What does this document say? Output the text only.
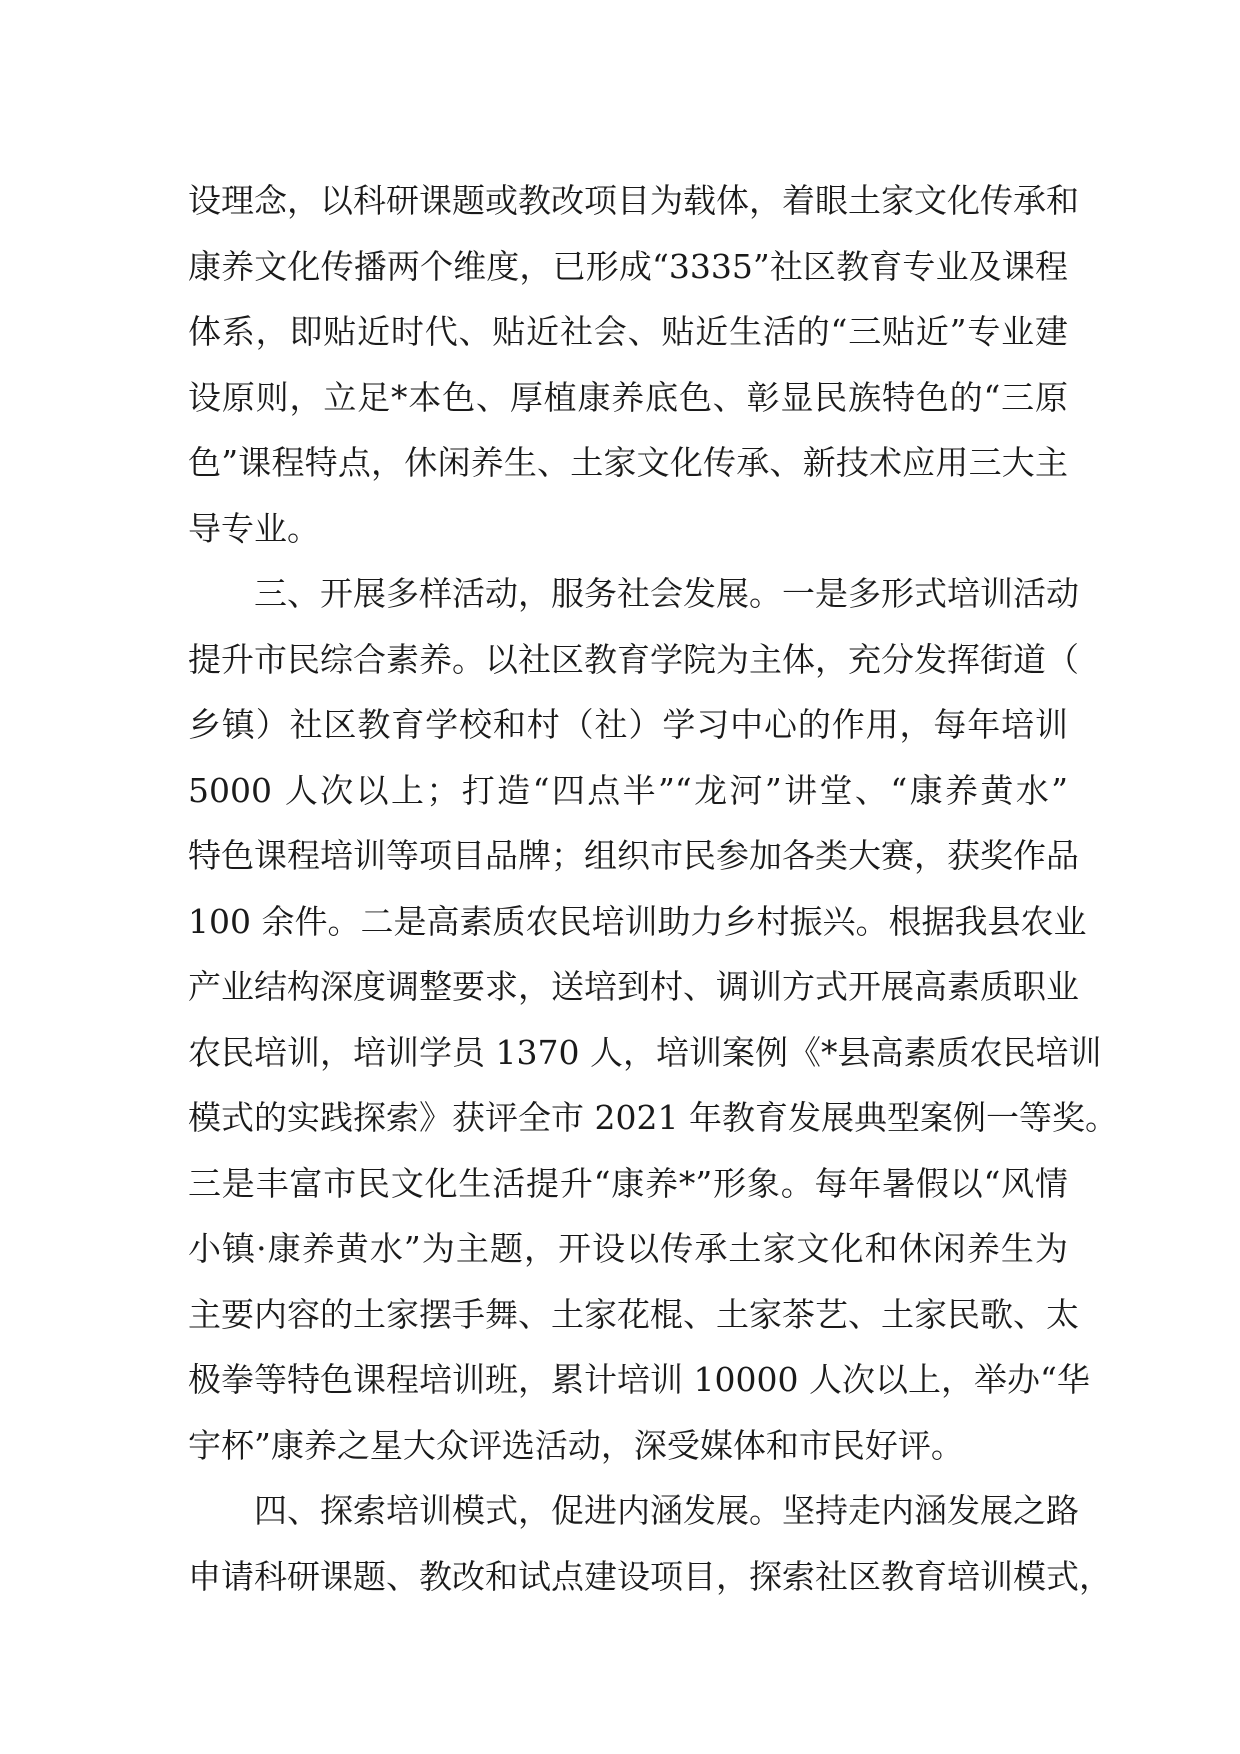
设理念，以科研课题或教改项目为载体，着眼土家文化传承和
康养文化传播两个维度，已形成“3335”社区教育专业及课程
体系，即贴近时代、贴近社会、贴近生活的“三贴近”专业建
设原则，立足*本色、厚植康养底色、彰显民族特色的“三原
色”课程特点，休闲养生、土家文化传承、新技术应用三大主
导专业。
三、开展多样活动，服务社会发展。一是多形式培训活动
提升市民综合素养。以社区教育学院为主体，充分发挥街道（
乡镇）社区教育学校和村（社）学习中心的作用，每年培训
5000 人次以上；打造“四点半”“龙河”讲堂、“康养黄水”
特色课程培训等项目品牌；组织市民参加各类大赛，获奖作品
100 余件。二是高素质农民培训助力乡村振兴。根据我县农业
产业结构深度调整要求，送培到村、调训方式开展高素质职业
农民培训，培训学员 1370 人，培训案例《*县高素质农民培训
模式的实践探索》获评全市 2021 年教育发展典型案例一等奖。
三是丰富市民文化生活提升“康养*”形象。每年暑假以“风情
小镇·康养黄水”为主题，开设以传承土家文化和休闲养生为
主要内容的土家摆手舞、土家花棍、土家茶艺、土家民歌、太
极拳等特色课程培训班，累计培训 10000 人次以上，举办“华
宇杯”康养之星大众评选活动，深受媒体和市民好评。
四、探索培训模式，促进内涵发展。坚持走内涵发展之路
申请科研课题、教改和试点建设项目，探索社区教育培训模式，
